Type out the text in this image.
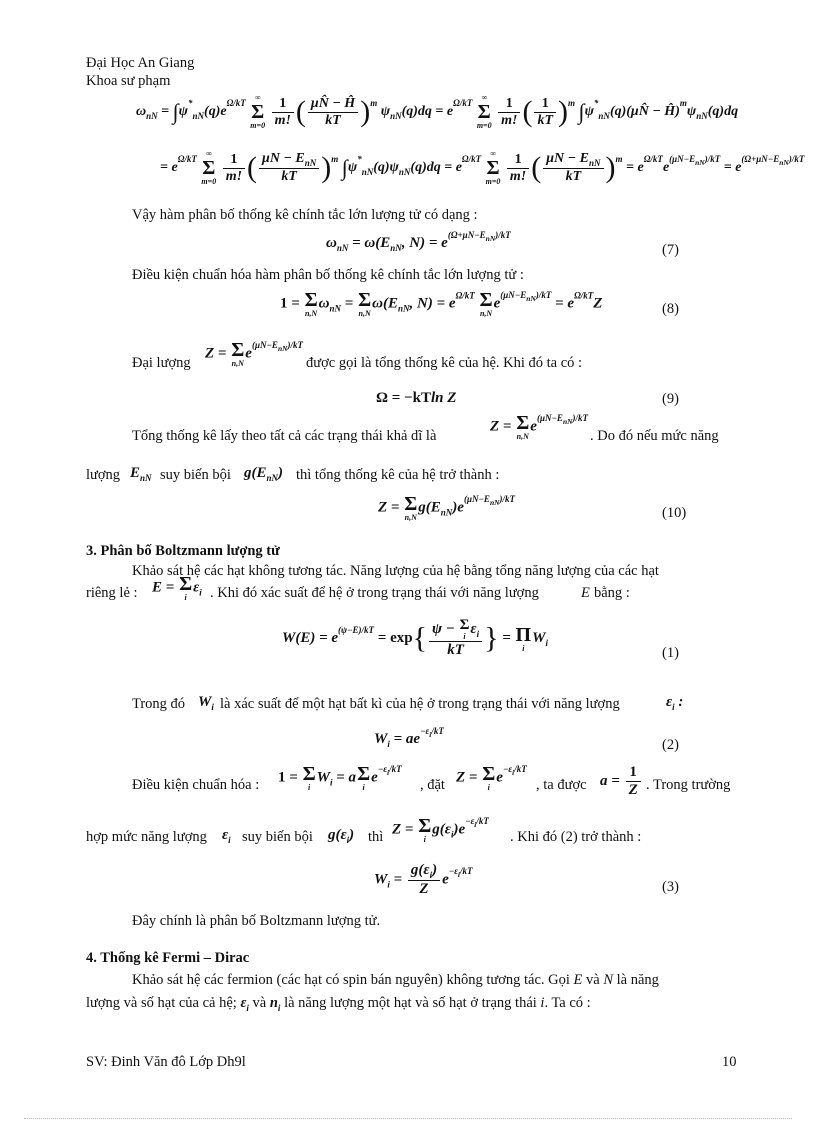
Đại Học An Giang
Khoa sư phạm
$\omega_{nN} = \int\psi^*_{nN}(q)e^{\Omega/kT}$
∞
Σ
m=0
$\frac{1}{m!}$ ( $\frac{\mu N̂ - Ĥ}{kT} )^m$ $\psi_{nN}(q)dq = e^{\Omega/kT}$
∞
Σ
m=0
$\frac{1}{m!}$ ( $\frac{1}{kT} )^m$ $\int\psi^*_{nN}(q)(\mu N̂$ − $Ĥ)^m\psi_{nN}(q)dq$
= $e^{\Omega/kT}$
∞
Σ
m=0
$\frac{1}{m!}$ ( $\frac{\mu N - E_{nN}}{kT} )^m$ $\int\psi^*_{nN}(q)\psi_{nN}(q)dq = e^{\Omega/kT}$
∞
Σ
m=0
$\frac{1}{m!}$ ( $\frac{\mu N - E_{nN}}{kT} )^m = e^{\Omega/kT}e^{(\mu N-E_{nN})/kT} = e^{(\Omega+\mu N-E_{nN})/kT}$
Vậy hàm phân bố thống kê chính tắc lớn lượng tử có dạng :
$\omega_{nN} = \omega(E_{nN}$, $N) = e^{(\Omega+\mu N-E_{nN})/kT}$
(7)
Điều kiện chuẩn hóa hàm phân bố thống kê chính tắc lớn lượng tử :
1 = Σ
n,N
$\omega_{nN} = \Sigma$
n,N
$\omega(E_{nN}$, $N) = e^{\Omega/kT}$ Σ
n,N
$e^{(\mu N-E_{nN})/kT} = e^{\Omega/kT}Z$	(8)
Đại lượng
Z = Σ
n,N
$e^{(\mu N-E_{nN})/kT}$
được gọi là tổng thống kê của hệ. Khi đó ta có :
Ω = −kTln Z	(9)
Tổng thống kê lấy theo tất cả các trạng thái khả dĩ là
Z = Σ
n,N
$e^{(\mu N-E_{nN})/kT}$
. Do đó nếu mức năng
lượng $E_{nN}$ suy biến bội $g(E_{nN})$ thì tổng thống kê của hệ trở thành :
Z = Σ
n,N
$g(E_{nN})e^{(\mu N-E_{nN})/kT}$
(10)
3. Phân bố Boltzmann lượng tử
Khảo sát hệ các hạt không tương tác. Năng lượng của hệ bằng tổng năng lượng của các hạt
riêng lẻ : E = Σ
i
$\varepsilon_i$ . Khi đó xác suất để hệ ở trong trạng thái với năng lượng	E bằng :
$W(E) = e^{(\psi-E)/kT} = \exp${ ψ − Σ
i $\varepsilon_i$
kT } = Π
i
$W_i$
(1)
Trong đó $W_i$ là xác suất để một hạt bất kì của hệ ở trong trạng thái với năng lượng	$\varepsilon_i$ :
$W_i = ae^{-\varepsilon_i/kT}$
(2)
Điều kiện chuẩn hóa : 1 = Σ
i
$W_i = a$ Σ
i
$e^{-\varepsilon_i/kT}$
, đặt Z = Σ
i
$e^{-\varepsilon_i/kT}$
, ta được $a = \frac{1}{Z}$ . Trong trường
hợp mức năng lượng $\varepsilon_i$ suy biến bội $g(\varepsilon_i)$ thì Z = Σ
i
$g(\varepsilon_i)e^{-\varepsilon_i/kT}$
. Khi đó (2) trở thành :
$W_i = \frac{g(\varepsilon_i)}{Z} e^{-\varepsilon_i/kT}$
(3)
Đây chính là phân bố Boltzmann lượng tử.
4. Thống kê Fermi – Dirac
Khảo sát hệ các fermion (các hạt có spin bán nguyên) không tương tác. Gọi E và N là năng
lượng và số hạt của cả hệ; $\varepsilon_i$ và $n_i$ là năng lượng một hạt và số hạt ở trạng thái i. Ta có :
SV: Đinh Văn đô Lớp Dh9l	10
